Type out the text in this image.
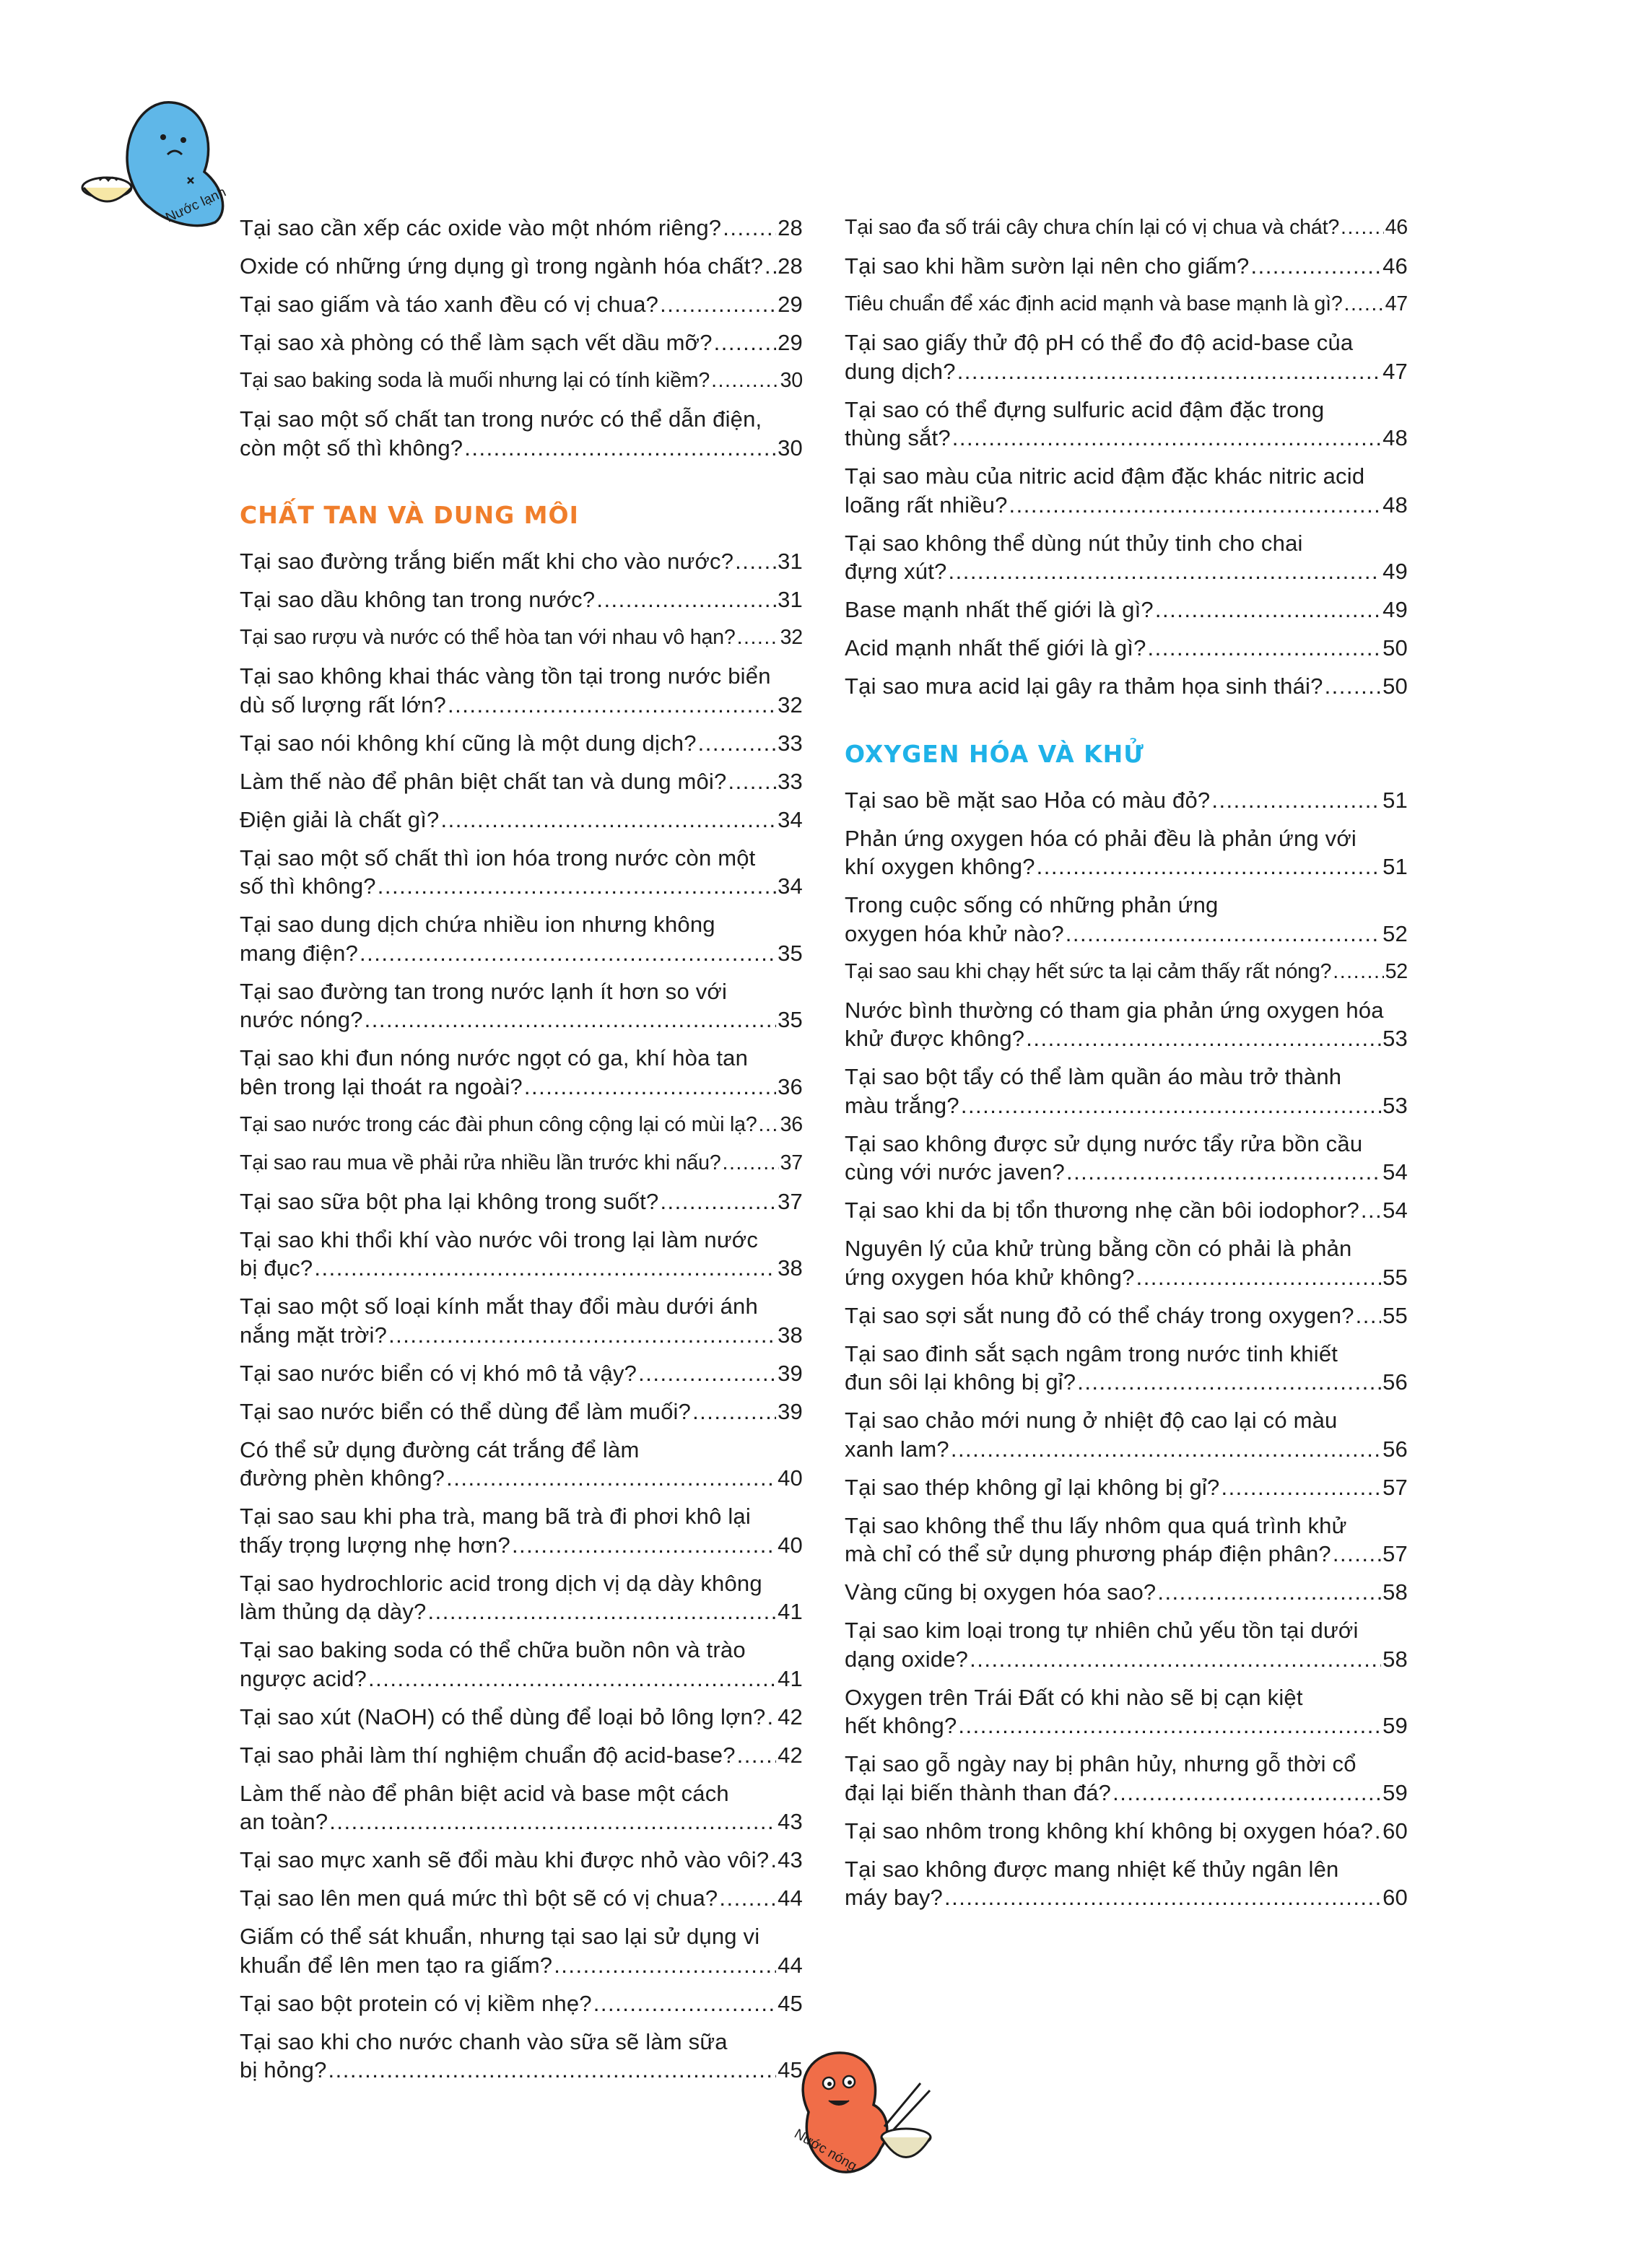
Nước lạnh
Nước nóng
Tại sao cần xếp các oxide vào một nhóm riêng? .....	28
Oxide có những ứng dụng gì trong ngành hóa chất? ..... 28
Tại sao giấm và táo xanh đều có vị chua? .....	29
Tại sao xà phòng có thể làm sạch vết dầu mỡ? .....	29
Tại sao baking soda là muối nhưng lại có tính kiềm? .....	30
Tại sao một số chất tan trong nước có thể dẫn điện,
còn một số thì không? .....	30
CHẤT TAN VÀ DUNG MÔI
Tại sao đường trắng biến mất khi cho vào nước? ..... 31
Tại sao dầu không tan trong nước? .....	31
Tại sao rượu và nước có thể hòa tan với nhau vô hạn? ..... 32
Tại sao không khai thác vàng tồn tại trong nước biển
dù số lượng rất lớn? .....	32
Tại sao nói không khí cũng là một dung dịch? .....	33
Làm thế nào để phân biệt chất tan và dung môi? ..... 33
Điện giải là chất gì? .....	34
Tại sao một số chất thì ion hóa trong nước còn một
số thì không? .....	34
Tại sao dung dịch chứa nhiều ion nhưng không
mang điện? .....	35
Tại sao đường tan trong nước lạnh ít hơn so với
nước nóng? .....	35
Tại sao khi đun nóng nước ngọt có ga, khí hòa tan
bên trong lại thoát ra ngoài? .....	36
Tại sao nước trong các đài phun công cộng lại có mùi lạ? ..... 36
Tại sao rau mua về phải rửa nhiều lần trước khi nấu? .....	37
Tại sao sữa bột pha lại không trong suốt? .....	37
Tại sao khi thổi khí vào nước vôi trong lại làm nước
bị đục? .....	38
Tại sao một số loại kính mắt thay đổi màu dưới ánh
nắng mặt trời? .....	38
Tại sao nước biển có vị khó mô tả vậy? .....	39
Tại sao nước biển có thể dùng để làm muối? .....	39
Có thể sử dụng đường cát trắng để làm
đường phèn không? .....	40
Tại sao sau khi pha trà, mang bã trà đi phơi khô lại
thấy trọng lượng nhẹ hơn? .....	40
Tại sao hydrochloric acid trong dịch vị dạ dày không
làm thủng dạ dày? .....	41
Tại sao baking soda có thể chữa buồn nôn và trào
ngược acid? .....	41
Tại sao xút (NaOH) có thể dùng để loại bỏ lông lợn? ..... 42
Tại sao phải làm thí nghiệm chuẩn độ acid-base? ..... 42
Làm thế nào để phân biệt acid và base một cách
an toàn? .....	43
Tại sao mực xanh sẽ đổi màu khi được nhỏ vào vôi? ..... 43
Tại sao lên men quá mức thì bột sẽ có vị chua? .....	44
Giấm có thể sát khuẩn, nhưng tại sao lại sử dụng vi
khuẩn để lên men tạo ra giấm? .....	44
Tại sao bột protein có vị kiềm nhẹ? .....	45
Tại sao khi cho nước chanh vào sữa sẽ làm sữa
bị hỏng? .....	45
Tại sao đa số trái cây chưa chín lại có vị chua và chát? ..... 46
Tại sao khi hầm sườn lại nên cho giấm? .....	46
Tiêu chuẩn để xác định acid mạnh và base mạnh là gì? ..... 47
Tại sao giấy thử độ pH có thể đo độ acid-base của
dung dịch? .....	47
Tại sao có thể đựng sulfuric acid đậm đặc trong
thùng sắt? .....	48
Tại sao màu của nitric acid đậm đặc khác nitric acid
loãng rất nhiều? .....	48
Tại sao không thể dùng nút thủy tinh cho chai
đựng xút? .....	49
Base mạnh nhất thế giới là gì? .....	49
Acid mạnh nhất thế giới là gì? .....	50
Tại sao mưa acid lại gây ra thảm họa sinh thái? .....	50
OXYGEN HÓA VÀ KHỬ
Tại sao bề mặt sao Hỏa có màu đỏ? .....	51
Phản ứng oxygen hóa có phải đều là phản ứng với
khí oxygen không? .....	51
Trong cuộc sống có những phản ứng
oxygen hóa khử nào? .....	52
Tại sao sau khi chạy hết sức ta lại cảm thấy rất nóng? .....	52
Nước bình thường có tham gia phản ứng oxygen hóa
khử được không? .....	53
Tại sao bột tẩy có thể làm quần áo màu trở thành
màu trắng? .....	53
Tại sao không được sử dụng nước tẩy rửa bồn cầu
cùng với nước javen? .....	54
Tại sao khi da bị tổn thương nhẹ cần bôi iodophor? ..... 54
Nguyên lý của khử trùng bằng cồn có phải là phản
ứng oxygen hóa khử không? .....	55
Tại sao sợi sắt nung đỏ có thể cháy trong oxygen? ..... 55
Tại sao đinh sắt sạch ngâm trong nước tinh khiết
đun sôi lại không bị gỉ? .....	56
Tại sao chảo mới nung ở nhiệt độ cao lại có màu
xanh lam? .....	56
Tại sao thép không gỉ lại không bị gỉ? .....	57
Tại sao không thể thu lấy nhôm qua quá trình khử
mà chỉ có thể sử dụng phương pháp điện phân? ..... 57
Vàng cũng bị oxygen hóa sao? .....	58
Tại sao kim loại trong tự nhiên chủ yếu tồn tại dưới
dạng oxide? .....	58
Oxygen trên Trái Đất có khi nào sẽ bị cạn kiệt
hết không? .....	59
Tại sao gỗ ngày nay bị phân hủy, nhưng gỗ thời cổ
đại lại biến thành than đá? .....	59
Tại sao nhôm trong không khí không bị oxygen hóa? ..... 60
Tại sao không được mang nhiệt kế thủy ngân lên
máy bay? .....	60
